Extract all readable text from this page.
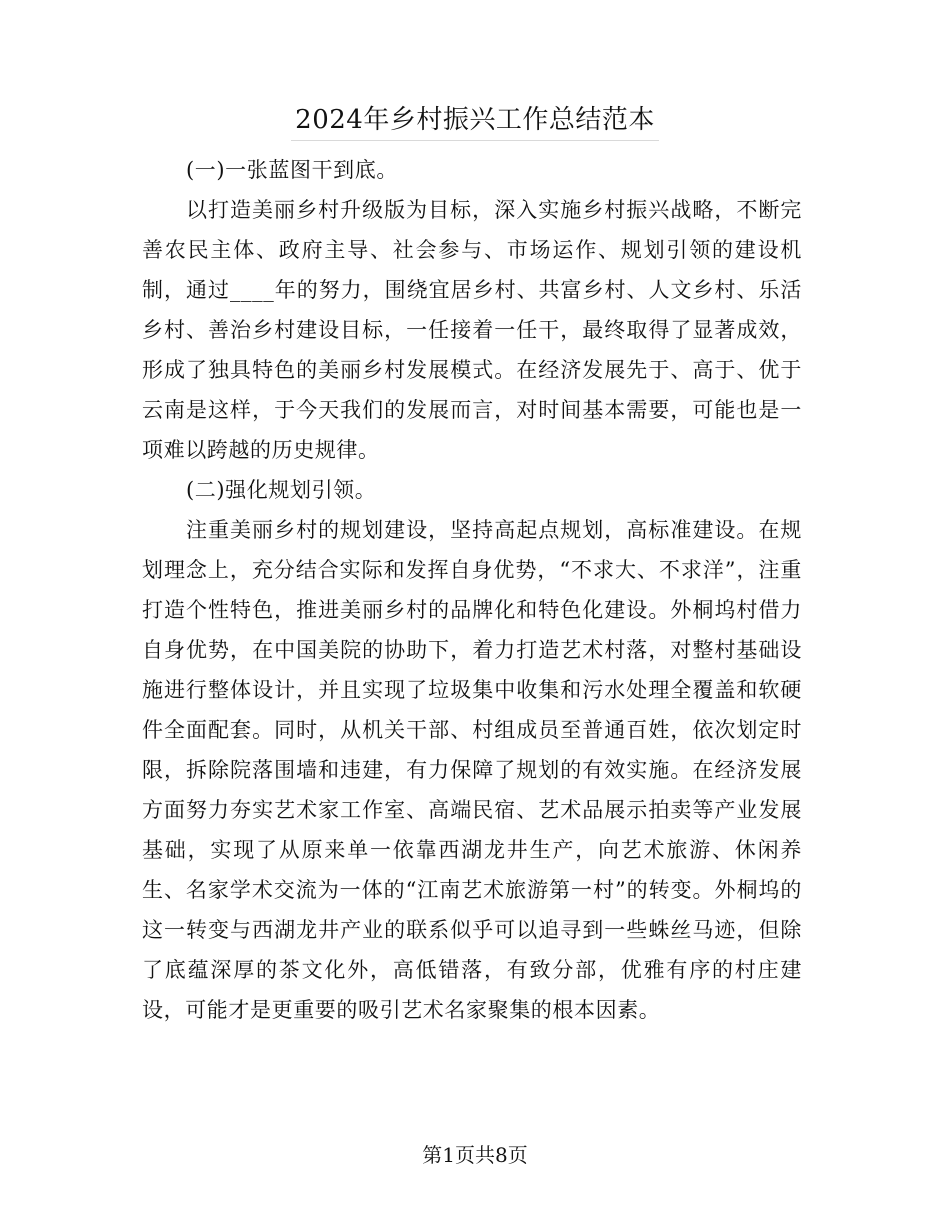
2024年乡村振兴工作总结范本

(一)一张蓝图干到底。

以打造美丽乡村升级版为目标，深入实施乡村振兴战略，不断完善农民主体、政府主导、社会参与、市场运作、规划引领的建设机制，通过____年的努力，围绕宜居乡村、共富乡村、人文乡村、乐活乡村、善治乡村建设目标，一任接着一任干，最终取得了显著成效，形成了独具特色的美丽乡村发展模式。在经济发展先于、高于、优于云南是这样，于今天我们的发展而言，对时间基本需要，可能也是一项难以跨越的历史规律。

(二)强化规划引领。

注重美丽乡村的规划建设，坚持高起点规划，高标准建设。在规划理念上，充分结合实际和发挥自身优势，“不求大、不求洋”，注重打造个性特色，推进美丽乡村的品牌化和特色化建设。外桐坞村借力自身优势，在中国美院的协助下，着力打造艺术村落，对整村基础设施进行整体设计，并且实现了垃圾集中收集和污水处理全覆盖和软硬件全面配套。同时，从机关干部、村组成员至普通百姓，依次划定时限，拆除院落围墙和违建，有力保障了规划的有效实施。在经济发展方面努力夯实艺术家工作室、高端民宿、艺术品展示拍卖等产业发展基础，实现了从原来单一依靠西湖龙井生产，向艺术旅游、休闲养生、名家学术交流为一体的“江南艺术旅游第一村”的转变。外桐坞的这一转变与西湖龙井产业的联系似乎可以追寻到一些蛛丝马迹，但除了底蕴深厚的茶文化外，高低错落，有致分部，优雅有序的村庄建设，可能才是更重要的吸引艺术名家聚集的根本因素。

第1页共8页
